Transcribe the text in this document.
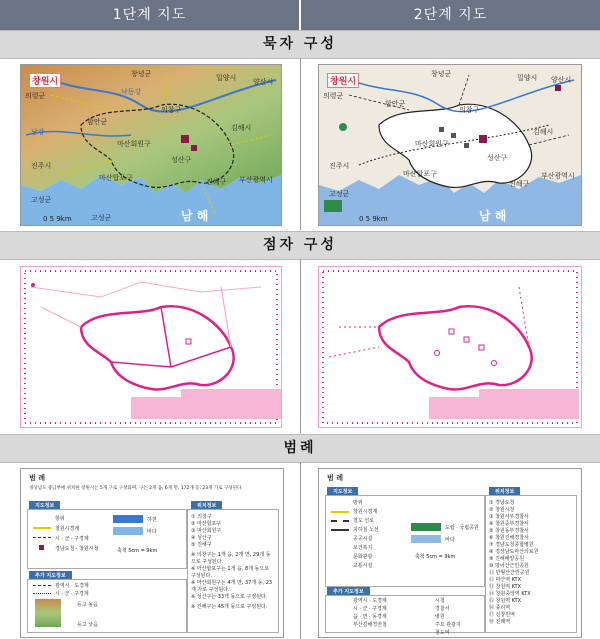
1단계 지도	2단계 지도
묵자 구성
점자 구성
범례
창원시
창녕군	밀양시 양산시
의령군
의창구
함안군
김해시
마산회원구
성산구
진주시
마산합포구	진해구 부산광역시
고성군
고성군
낙동강
남강
0 5 9km	남 해
창원시
창녕군	밀양시 양산시
의령군
의창구
함안군
김해시
마산회원구
성산구
진주시
마산합포구
진해구
부산광역시
고성군
0 5 9km	남 해
범 례
경상남도 중남부에 위치한 창원시는 5개 구로 구성되며, 구는 2개 읍, 6개 면, 172개 동, 23개 가로 구성된다.
지도정보	위치정보
항위
창원시경계
시 · 군 · 구경계
경남도청 · 창원시청
하천
바다
축척 5cm = 9km
① 의창구
② 마산합포구
③ 마산회원구
④ 성산구
⑤ 진해구
※ 의창구는 1개 읍, 2개 면, 29개 동으로 구성된다.
※ 마산합포구는 1개 읍, 8개 동으로 구성된다.
※ 마산회원구는 4개 면, 37개 동, 23개 가로 구성된다.
※ 성산구는 33개 동으로 구성된다.
※ 진해구는 45개 동으로 구성된다.
추가 지도정보
광역시 · 도경계
시 · 군 · 구경계
등고 높음
등고 낮음
범 례
지도정보	위치정보
방위
창원시경계
철도 선로
지하철 노선
공공시설
보건복지
문화관광
교통시설
도립 · 국립공원
바다
축척 5cm = 9km
① 경남도청
② 창원시청
③ 창원서부경찰서
④ 창원중부경찰서
⑤ 창원동부경찰서
⑥ 창원진해경찰서
⑦ 경남도청종합병원
⑧ 경상남도마산의료원
⑨ 진해해양공원
⑩ 방어산근린공원
⑪ 반월산근린공원
⑫ 마산역 KTX
⑬ 창원역 KTX
⑭ 창원중앙역 KTX
⑮ 창원역 KTX
⑯ 중리역
⑰ 신창원역
⑱ 진례역
추가 지도정보
광역시 · 도경계
시 · 군 · 구경계
읍 · 면 · 동경계
부산김해경전철
시청
경찰서
병원
주요 관광지
철도역
